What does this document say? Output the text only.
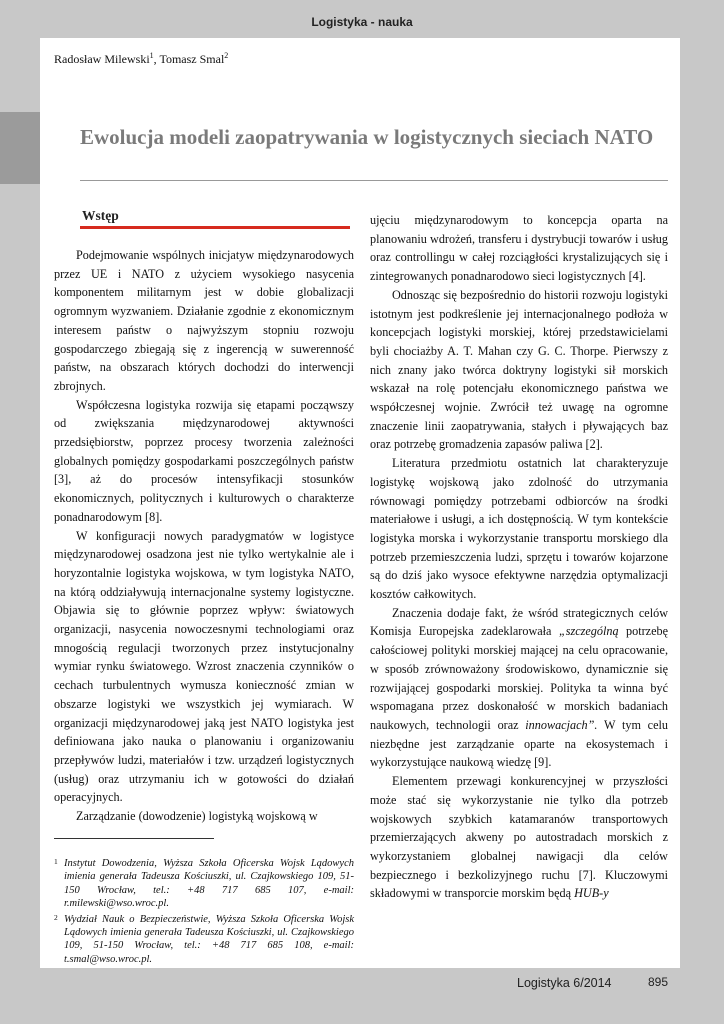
Logistyka - nauka
Radosław Milewski$^1$, Tomasz Smal$^2$
Ewolucja modeli zaopatrywania w logistycznych sieciach NATO
Wstęp

Podejmowanie wspólnych inicjatyw międzynarodowych przez UE i NATO z użyciem wysokiego nasycenia komponentem militarnym jest w dobie globalizacji ogromnym wyzwaniem. Działanie zgodnie z ekonomicznym interesem państw o najwyższym stopniu rozwoju gospodarczego zbiegają się z ingerencją w suwerenność państw, na obszarach których dochodzi do interwencji zbrojnych.

Współczesna logistyka rozwija się etapami począwszy od zwiększania międzynarodowej aktywności przedsiębiorstw, poprzez procesy tworzenia zależności globalnych pomiędzy gospodarkami poszczególnych państw [3], aż do procesów intensyfikacji stosunków ekonomicznych, politycznych i kulturowych o charakterze ponadnarodowym [8].

W konfiguracji nowych paradygmatów w logistyce międzynarodowej osadzona jest nie tylko wertykalnie ale i horyzontalnie logistyka wojskowa, w tym logistyka NATO, na którą oddziaływują internacjonalne systemy logistyczne. Objawia się to głównie poprzez wpływ: światowych organizacji, nasycenia nowoczesnymi technologiami oraz mnogością regulacji tworzonych przez instytucjonalny wymiar rynku światowego. Wzrost znaczenia czynników o cechach turbulentnych wymusza konieczność zmian w obszarze logistyki we wszystkich jej wymiarach. W organizacji międzynarodowej jaką jest NATO logistyka jest definiowana jako nauka o planowaniu i organizowaniu przepływów ludzi, materiałów i tzw. urządzeń logistycznych (usług) oraz utrzymaniu ich w gotowości do działań operacyjnych.

Zarządzanie (dowodzenie) logistyką wojskową w

ujęciu międzynarodowym to koncepcja oparta na planowaniu wdrożeń, transferu i dystrybucji towarów i usług oraz controllingu w całej rozciągłości krystalizujących się i zintegrowanych ponadnarodowo sieci logistycznych [4].

Odnosząc się bezpośrednio do historii rozwoju logistyki istotnym jest podkreślenie jej internacjonalnego podłoża w koncepcjach logistyki morskiej, której przedstawicielami byli chociażby A. T. Mahan czy G. C. Thorpe. Pierwszy z nich znany jako twórca doktryny logistyki sił morskich wskazał na rolę potencjału ekonomicznego państwa we współczesnej wojnie. Zwrócił też uwagę na ogromne znaczenie linii zaopatrywania, stałych i pływających baz oraz potrzebę gromadzenia zapasów paliwa [2].

Literatura przedmiotu ostatnich lat charakteryzuje logistykę wojskową jako zdolność do utrzymania równowagi pomiędzy potrzebami odbiorców na środki materiałowe i usługi, a ich dostępnością. W tym kontekście logistyka morska i wykorzystanie transportu morskiego dla potrzeb przemieszczenia ludzi, sprzętu i towarów kojarzone są do dziś jako wysoce efektywne narzędzia optymalizacji kosztów całkowitych.

Znaczenia dodaje fakt, że wśród strategicznych celów Komisja Europejska zadeklarowała „szczególną potrzebę całościowej polityki morskiej mającej na celu opracowanie, w sposób zrównoważony środowiskowo, dynamicznie się rozwijającej gospodarki morskiej. Polityka ta winna być wspomagana przez doskonałość w morskich badaniach naukowych, technologii oraz innowacjach”. W tym celu niezbędne jest zarządzanie oparte na ekosystemach i wykorzystujące naukową wiedzę [9].

Elementem przewagi konkurencyjnej w przyszłości może stać się wykorzystanie nie tylko dla potrzeb wojskowych szybkich katamaranów transportowych przemierzających akweny po autostradach morskich z wykorzystaniem globalnej nawigacji dla celów bezpiecznego i bezkolizyjnego ruchu [7]. Kluczowymi składowymi w transporcie morskim będą HUB-y

1 Instytut Dowodzenia, Wyższa Szkoła Oficerska Wojsk Lądowych imienia generała Tadeusza Kościuszki, ul. Czajkowskiego 109, 51-150 Wrocław, tel.: +48 717 685 107, e-mail: r.milewski@wso.wroc.pl.
2 Wydział Nauk o Bezpieczeństwie, Wyższa Szkoła Oficerska Wojsk Lądowych imienia generała Tadeusza Kościuszki, ul. Czajkowskiego 109, 51-150 Wrocław, tel.: +48 717 685 108, e-mail: t.smal@wso.wroc.pl.
Logistyka 6/2014	895
